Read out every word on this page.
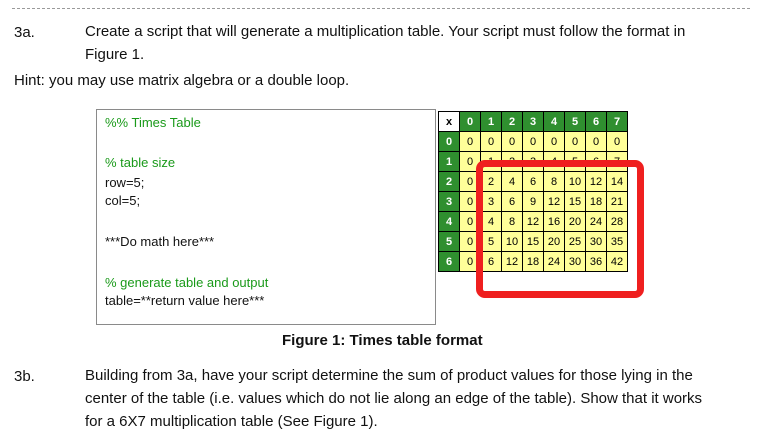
3a.	Create a script that will generate a multiplication table. Your script must follow the format in
Figure 1.
Hint: you may use matrix algebra or a double loop.
%% Times Table
% table size
row=5;
col=5;
***Do math here***
% generate table and output
table=**return value here***
x	0	1	2	3	4	5	6	7
0	0	0	0	0	0	0	0	0
1	0	1	2	3	4	5	6	7
2	0	2	4	6	8	10	12	14
3	0	3	6	9	12	15	18	21
4	0	4	8	12	16	20	24	28
5	0	5	10	15	20	25	30	35
6	0	6	12	18	24	30	36	42
Figure 1: Times table format
3b.	Building from 3a, have your script determine the sum of product values for those lying in the
center of the table (i.e. values which do not lie along an edge of the table). Show that it works
for a 6X7 multiplication table (See Figure 1).
